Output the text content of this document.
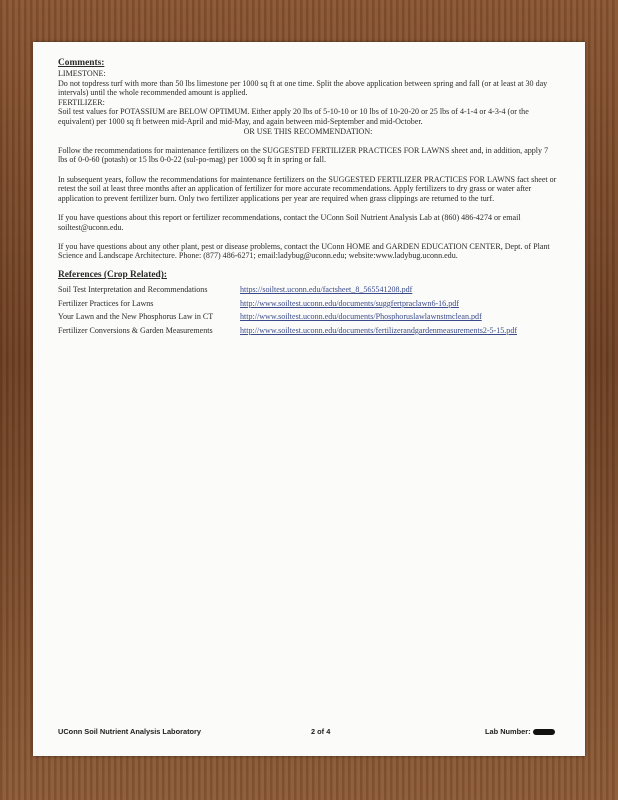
Comments:

LIMESTONE:

Do not topdress turf with more than 50 lbs limestone per 1000 sq ft at one time. Split the above application between spring and fall (or at least at 30 day intervals) until the whole recommended amount is applied.

FERTILIZER:

Soil test values for POTASSIUM are BELOW OPTIMUM. Either apply 20 lbs of 5-10-10 or 10 lbs of 10-20-20 or 25 lbs of 4-1-4 or 4-3-4 (or the equivalent) per 1000 sq ft between mid-April and mid-May, and again between mid-September and mid-October.

OR USE THIS RECOMMENDATION:

Follow the recommendations for maintenance fertilizers on the SUGGESTED FERTILIZER PRACTICES FOR LAWNS sheet and, in addition, apply 7 lbs of 0-0-60 (potash) or 15 lbs 0-0-22 (sul-po-mag) per 1000 sq ft in spring or fall.

In subsequent years, follow the recommendations for maintenance fertilizers on the SUGGESTED FERTILIZER PRACTICES FOR LAWNS fact sheet or retest the soil at least three months after an application of fertilizer for more accurate recommendations. Apply fertilizers to dry grass or water after application to prevent fertilizer burn. Only two fertilizer applications per year are required when grass clippings are returned to the turf.

If you have questions about this report or fertilizer recommendations, contact the UConn Soil Nutrient Analysis Lab at (860) 486-4274 or email soiltest@uconn.edu.

If you have questions about any other plant, pest or disease problems, contact the UConn HOME and GARDEN EDUCATION CENTER, Dept. of Plant Science and Landscape Architecture. Phone: (877) 486-6271; email:ladybug@uconn.edu; website:www.ladybug.uconn.edu.

References (Crop Related):
Soil Test Interpretation and Recommendations	https://soiltest.uconn.edu/factsheet_8_565541208.pdf
Fertilizer Practices for Lawns	http://www.soiltest.uconn.edu/documents/suggfertpraclawn6-16.pdf
Your Lawn and the New Phosphorus Law in CT	http://www.soiltest.uconn.edu/documents/Phosphoruslawlawnstmclean.pdf
Fertilizer Conversions & Garden Measurements	http://www.soiltest.uconn.edu/documents/fertilizerandgardenmeasurements2-5-15.pdf
UConn Soil Nutrient Analysis Laboratory	2 of 4	Lab Number:
